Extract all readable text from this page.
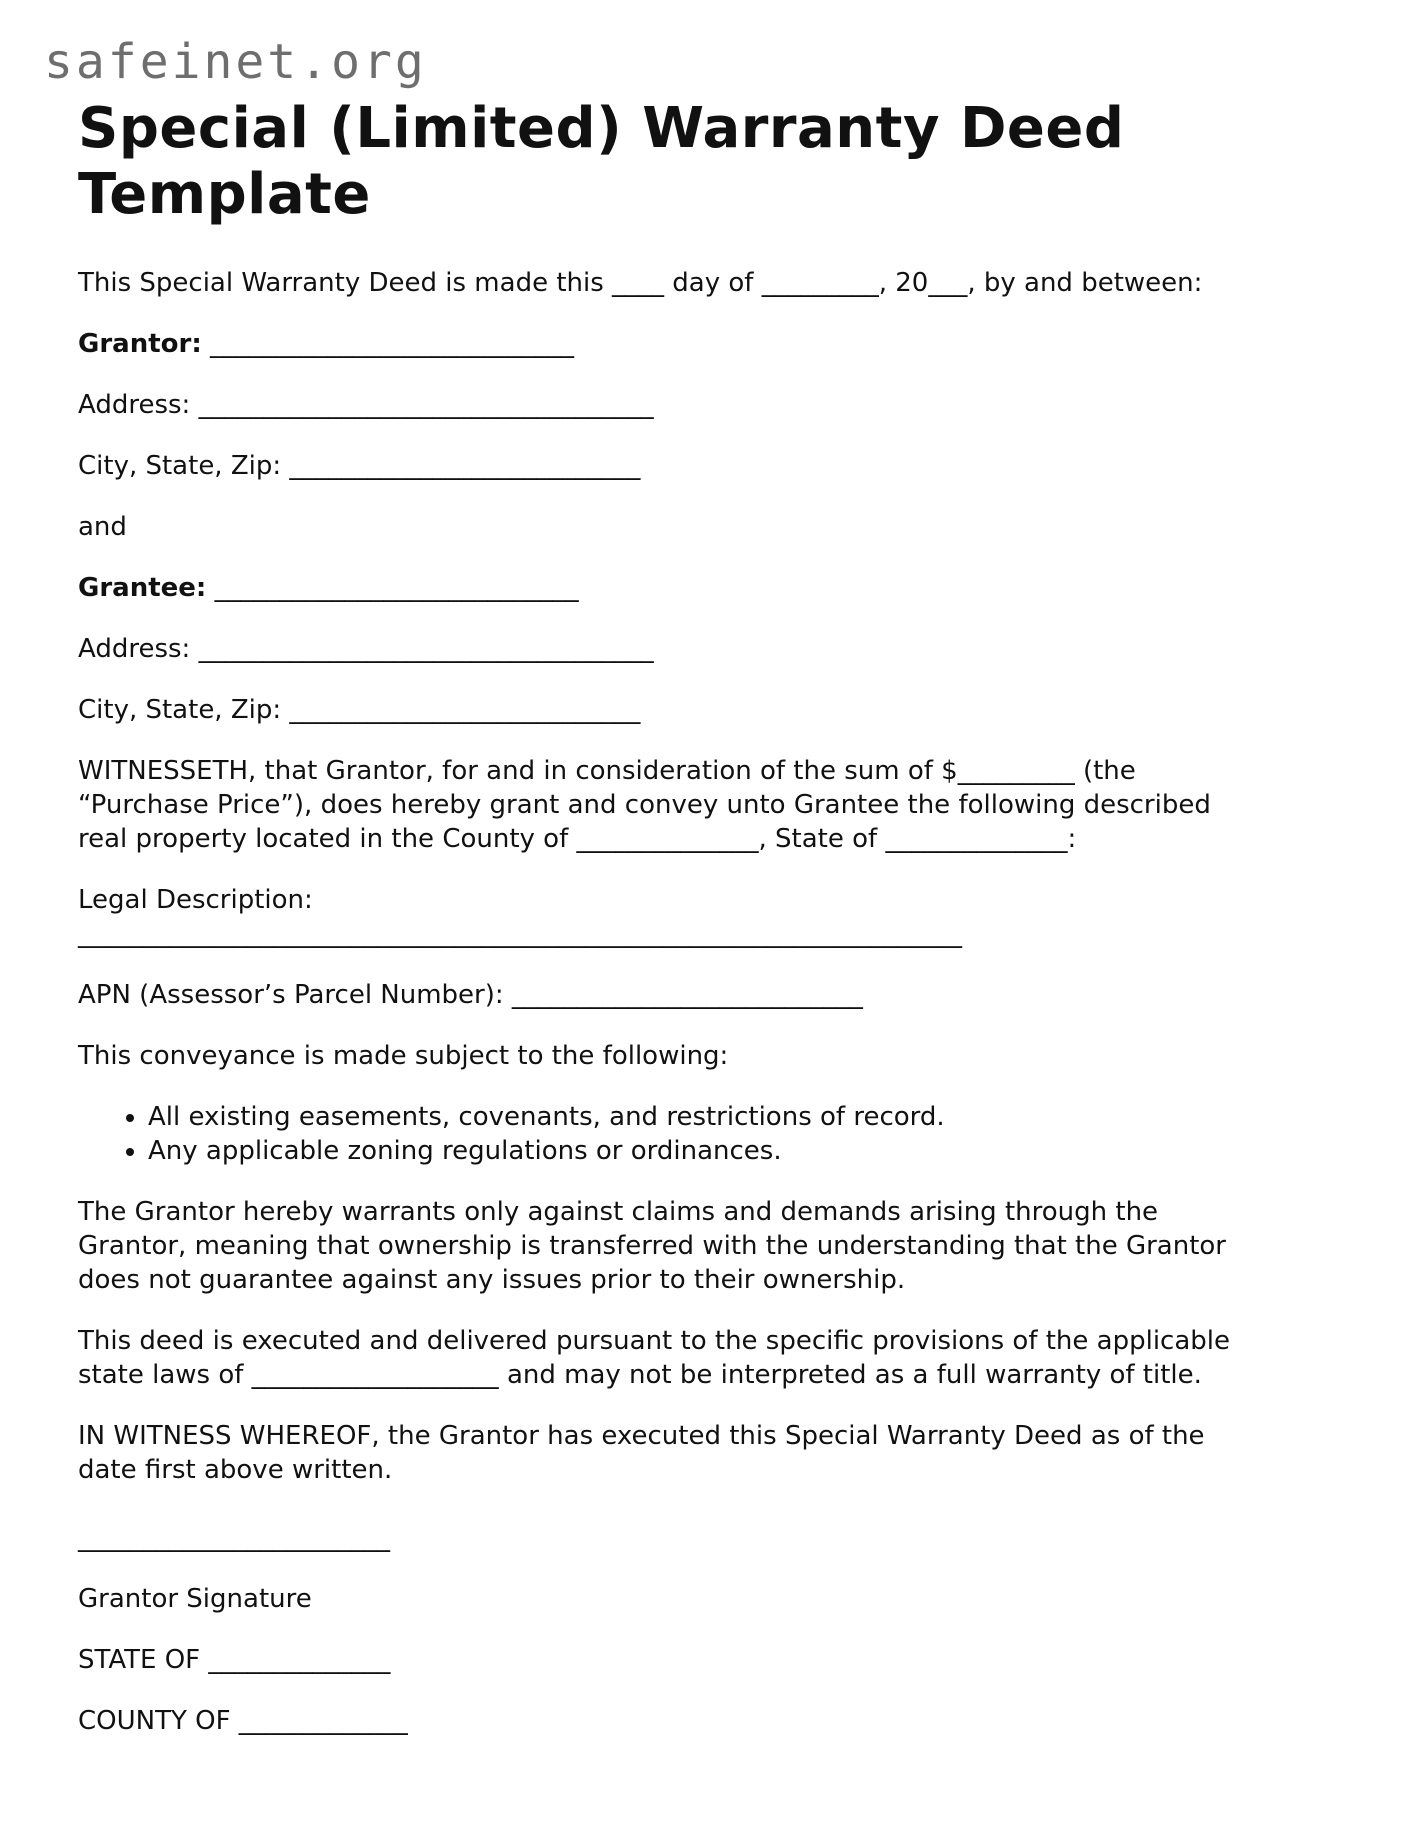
safeinet.org
Special (Limited) Warranty Deed Template
This Special Warranty Deed is made this ____ day of _________, 20___, by and between:
Grantor: ____________________________
Address: ___________________________________
City, State, Zip: ___________________________
and
Grantee: ____________________________
Address: ___________________________________
City, State, Zip: ___________________________
WITNESSETH, that Grantor, for and in consideration of the sum of $_________ (the
“Purchase Price”), does hereby grant and convey unto Grantee the following described
real property located in the County of ______________, State of ______________:
Legal Description:
____________________________________________________________________
APN (Assessor’s Parcel Number): ___________________________
This conveyance is made subject to the following:
• All existing easements, covenants, and restrictions of record.
• Any applicable zoning regulations or ordinances.
The Grantor hereby warrants only against claims and demands arising through the
Grantor, meaning that ownership is transferred with the understanding that the Grantor
does not guarantee against any issues prior to their ownership.
This deed is executed and delivered pursuant to the specific provisions of the applicable
state laws of ___________________ and may not be interpreted as a full warranty of title.
IN WITNESS WHEREOF, the Grantor has executed this Special Warranty Deed as of the
date first above written.
________________________
Grantor Signature
STATE OF ______________
COUNTY OF _____________
